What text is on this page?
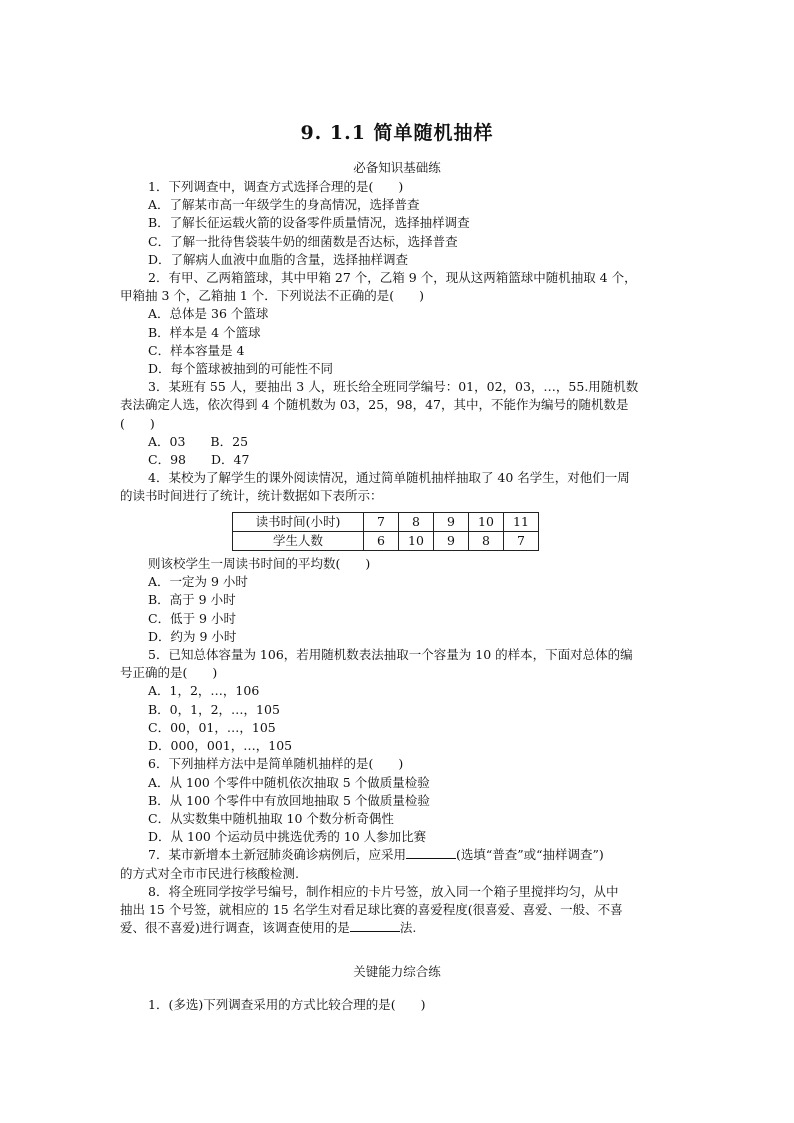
9. 1.1 简单随机抽样
必备知识基础练

1．下列调查中，调查方式选择合理的是(　　)

A．了解某市高一年级学生的身高情况，选择普查

B．了解长征运载火箭的设备零件质量情况，选择抽样调查

C．了解一批待售袋装牛奶的细菌数是否达标，选择普查

D．了解病人血液中血脂的含量，选择抽样调查

2．有甲、乙两箱篮球，其中甲箱 27 个，乙箱 9 个，现从这两箱篮球中随机抽取 4 个，

甲箱抽 3 个，乙箱抽 1 个．下列说法不正确的是(　　)

A．总体是 36 个篮球

B．样本是 4 个篮球

C．样本容量是 4

D．每个篮球被抽到的可能性不同

3．某班有 55 人，要抽出 3 人，班长给全班同学编号：01，02，03，…，55.用随机数

表法确定人选，依次得到 4 个随机数为 03，25，98，47，其中，不能作为编号的随机数是

(　　)

A．03　　B．25

C．98　　D．47

4．某校为了解学生的课外阅读情况，通过简单随机抽样抽取了 40 名学生，对他们一周

的读书时间进行了统计，统计数据如下表所示：

读书时间(小时)	7	8	9	10	11
学生人数	6	10	9	8	7

则该校学生一周读书时间的平均数(　　)

A．一定为 9 小时

B．高于 9 小时

C．低于 9 小时

D．约为 9 小时

5．已知总体容量为 106，若用随机数表法抽取一个容量为 10 的样本，下面对总体的编

号正确的是(　　)

A．1，2，…，106

B．0，1，2，…，105

C．00，01，…，105

D．000，001，…，105

6．下列抽样方法中是简单随机抽样的是(　　)

A．从 100 个零件中随机依次抽取 5 个做质量检验

B．从 100 个零件中有放回地抽取 5 个做质量检验

C．从实数集中随机抽取 10 个数分析奇偶性

D．从 100 个运动员中挑选优秀的 10 人参加比赛

7．某市新增本土新冠肺炎确诊病例后，应采用	(选填“普查”或“抽样调查”)

的方式对全市市民进行核酸检测.

8．将全班同学按学号编号，制作相应的卡片号签，放入同一个箱子里搅拌均匀，从中

抽出 15 个号签，就相应的 15 名学生对看足球比赛的喜爱程度(很喜爱、喜爱、一般、不喜

爱、很不喜爱)进行调查，该调查使用的是	法.

关键能力综合练

1．(多选)下列调查采用的方式比较合理的是(　　)
